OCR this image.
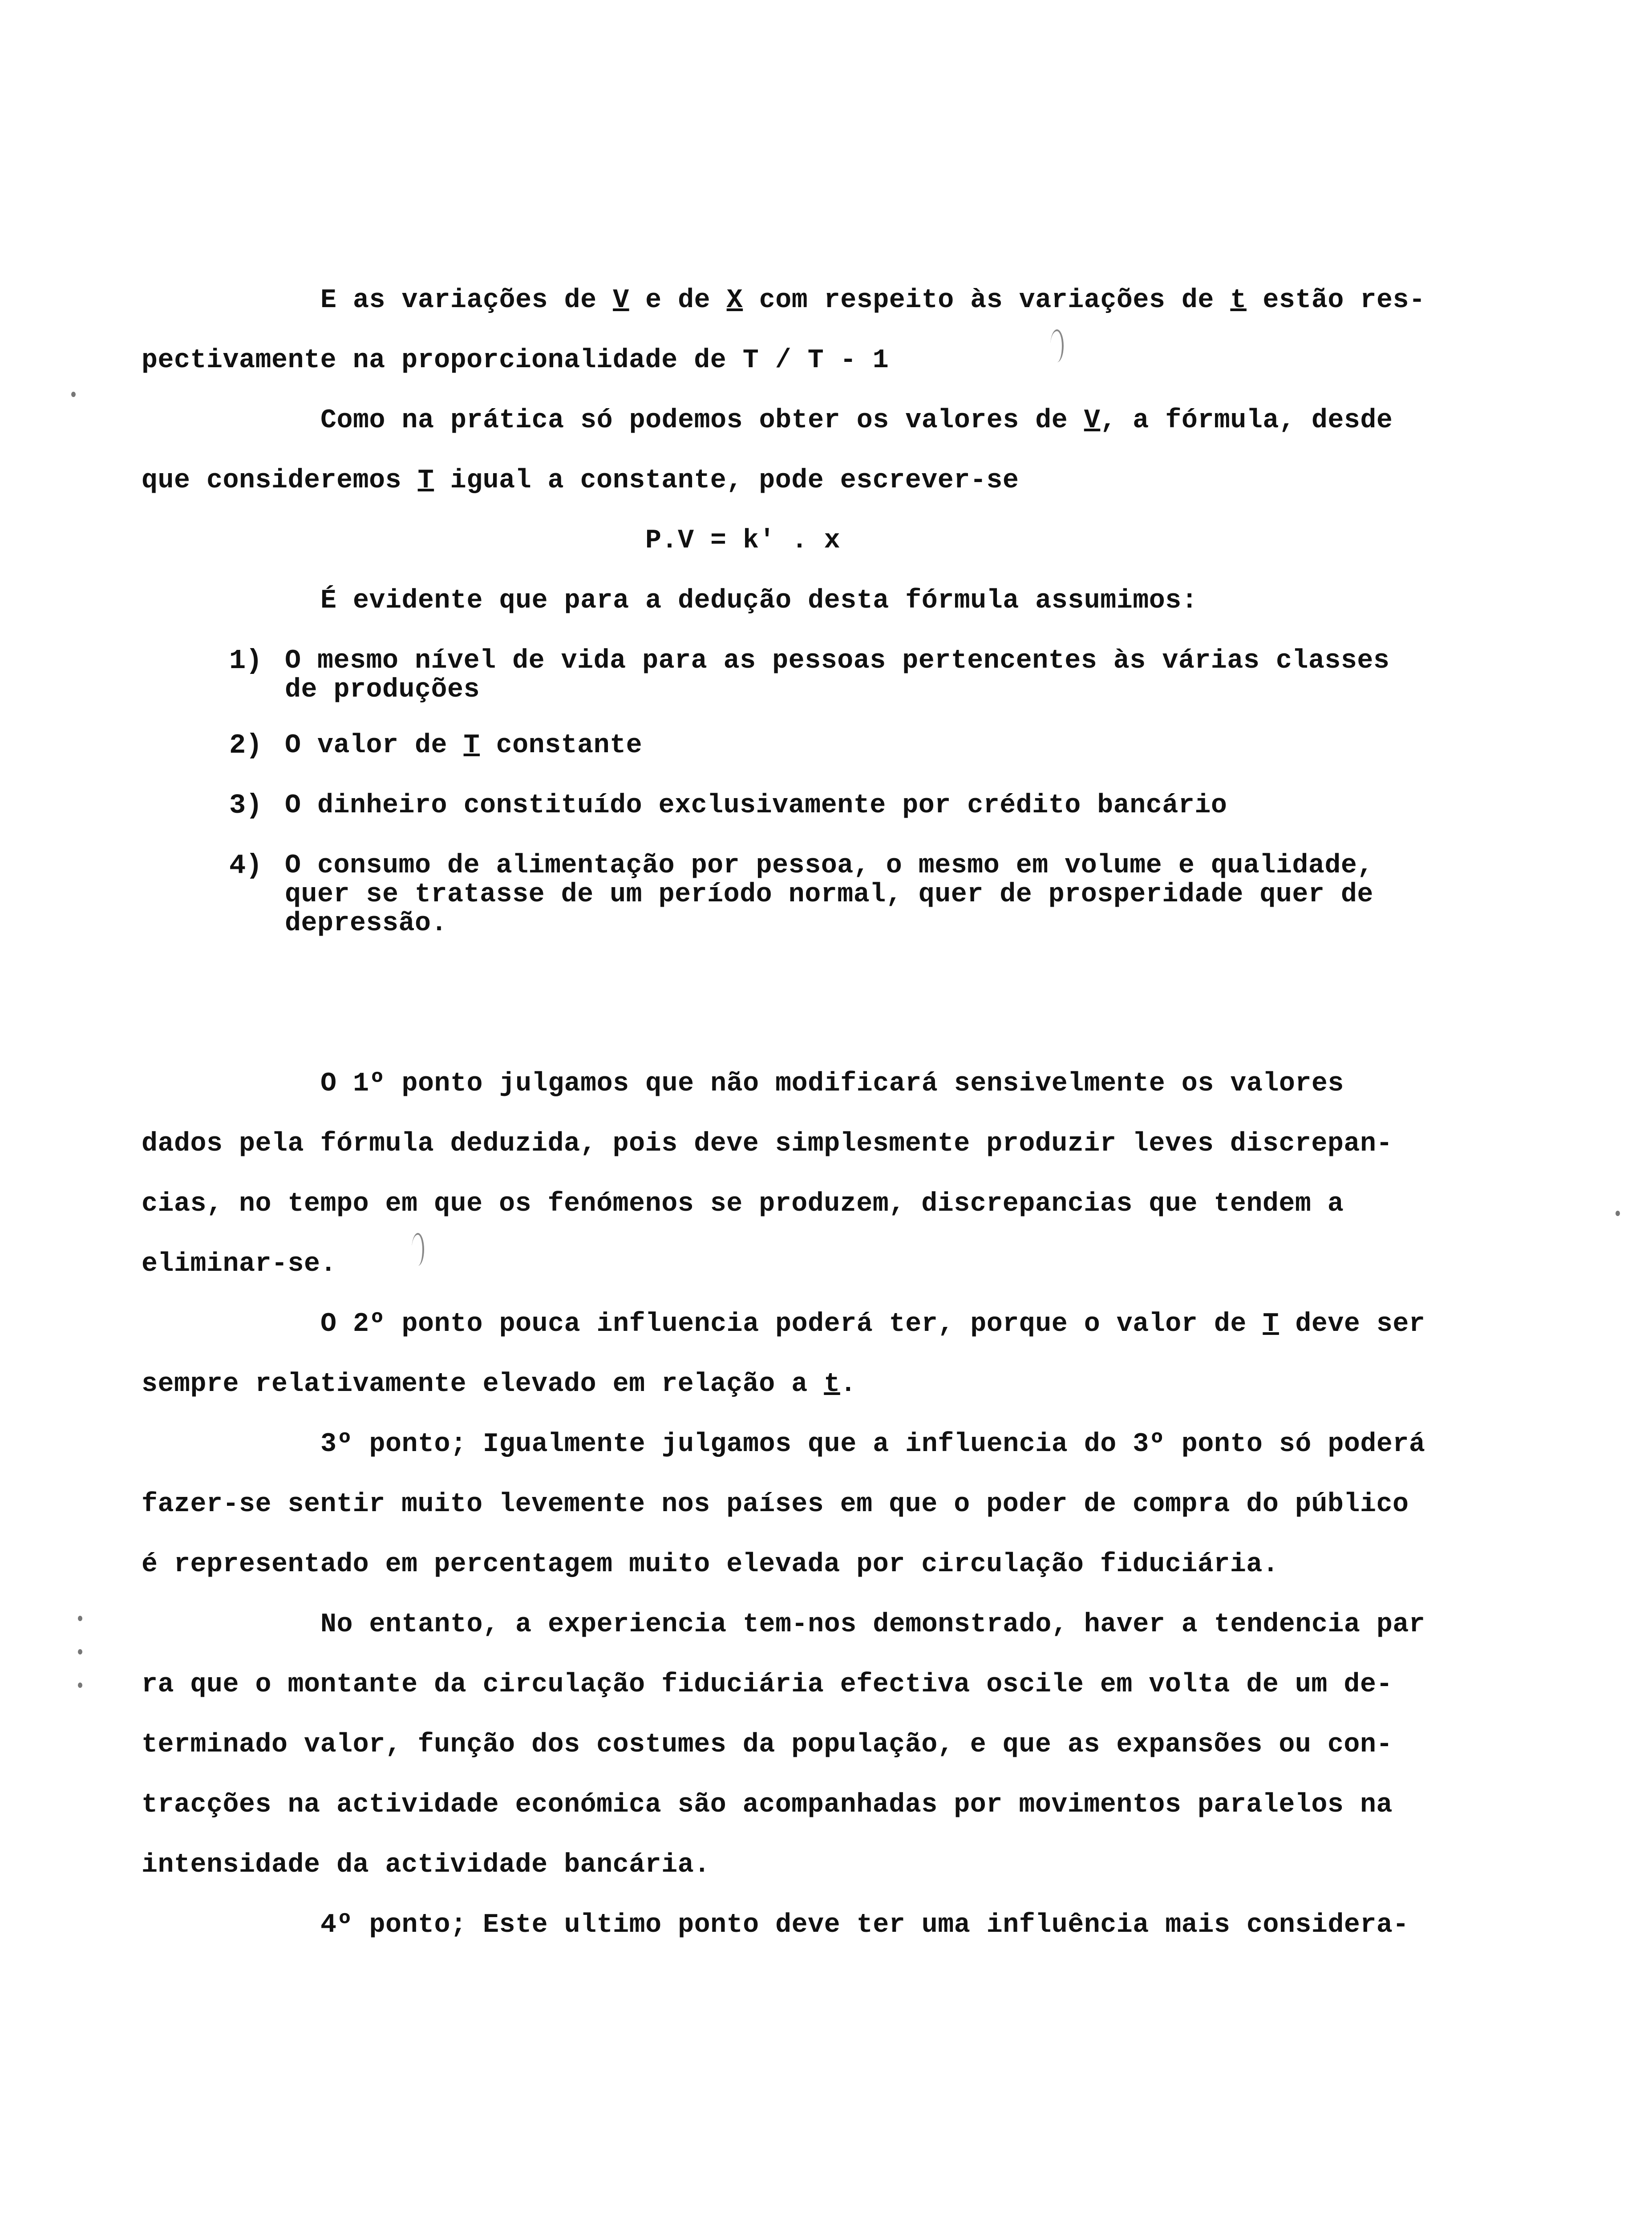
E as variações de V e de X com respeito às variações de t estão res-
pectivamente na proporcionalidade de T / T - 1
Como na prática só podemos obter os valores de V, a fórmula, desde
que consideremos T igual a constante, pode escrever-se
P.V = k' . x
É evidente que para a dedução desta fórmula assumimos:
1) O mesmo nível de vida para as pessoas pertencentes às várias classes
de produções
2) O valor de T constante
3) O dinheiro constituído exclusivamente por crédito bancário
4) O consumo de alimentação por pessoa, o mesmo em volume e qualidade,
quer se tratasse de um período normal, quer de prosperidade quer de
depressão.
O 1º ponto julgamos que não modificará sensivelmente os valores
dados pela fórmula deduzida, pois deve simplesmente produzir leves discrepan-
cias, no tempo em que os fenómenos se produzem, discrepancias que tendem a
eliminar-se.
O 2º ponto pouca influencia poderá ter, porque o valor de T deve ser
sempre relativamente elevado em relação a t.
3º ponto; Igualmente julgamos que a influencia do 3º ponto só poderá
fazer-se sentir muito levemente nos países em que o poder de compra do público
é representado em percentagem muito elevada por circulação fiduciária.
No entanto, a experiencia tem-nos demonstrado, haver a tendencia par
ra que o montante da circulação fiduciária efectiva oscile em volta de um de-
terminado valor, função dos costumes da população, e que as expansões ou con-
tracções na actividade económica são acompanhadas por movimentos paralelos na
intensidade da actividade bancária.
4º ponto; Este ultimo ponto deve ter uma influência mais considera-
